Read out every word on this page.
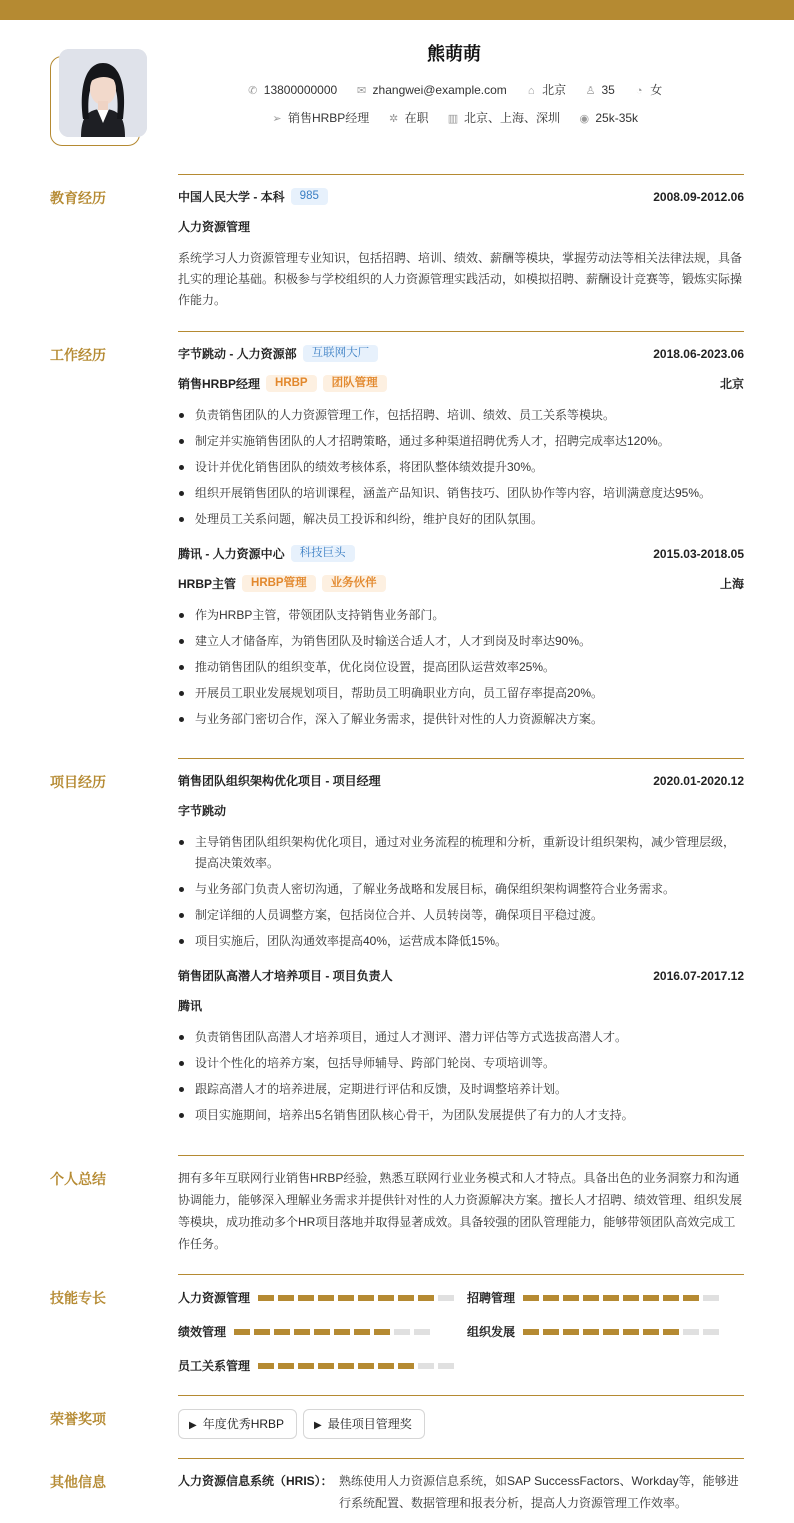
熊萌萌
✆ 13800000000 ✉ zhangwei@example.com ⌂ 北京 ♙ 35 ◔ 女
➢ 销售HRBP经理 ✲ 在职 ▥ 北京、上海、深圳 ◉ 25k-35k
教育经历	中国人民大学 - 本科 985	2008.09-2012.06
人力资源管理
系统学习人力资源管理专业知识，包括招聘、培训、绩效、薪酬等模块，掌握劳动法等相关法律法规，具备扎实的理论基础。积极参与学校组织的人力资源管理实践活动，如模拟招聘、薪酬设计竞赛等，锻炼实际操作能力。
工作经历	字节跳动 - 人力资源部 互联网大厂	2018.06-2023.06
销售HRBP经理 HRBP 团队管理	北京
负责销售团队的人力资源管理工作，包括招聘、培训、绩效、员工关系等模块。
制定并实施销售团队的人才招聘策略，通过多种渠道招聘优秀人才，招聘完成率达120%。
设计并优化销售团队的绩效考核体系，将团队整体绩效提升30%。
组织开展销售团队的培训课程，涵盖产品知识、销售技巧、团队协作等内容，培训满意度达95%。
处理员工关系问题，解决员工投诉和纠纷，维护良好的团队氛围。
腾讯 - 人力资源中心 科技巨头	2015.03-2018.05
HRBP主管 HRBP管理 业务伙伴	上海
作为HRBP主管，带领团队支持销售业务部门。
建立人才储备库，为销售团队及时输送合适人才，人才到岗及时率达90%。
推动销售团队的组织变革，优化岗位设置，提高团队运营效率25%。
开展员工职业发展规划项目，帮助员工明确职业方向，员工留存率提高20%。
与业务部门密切合作，深入了解业务需求，提供针对性的人力资源解决方案。
项目经历	销售团队组织架构优化项目 - 项目经理	2020.01-2020.12
字节跳动
主导销售团队组织架构优化项目，通过对业务流程的梳理和分析，重新设计组织架构，减少管理层级，提高决策效率。
与业务部门负责人密切沟通，了解业务战略和发展目标，确保组织架构调整符合业务需求。
制定详细的人员调整方案，包括岗位合并、人员转岗等，确保项目平稳过渡。
项目实施后，团队沟通效率提高40%，运营成本降低15%。
销售团队高潜人才培养项目 - 项目负责人	2016.07-2017.12
腾讯
负责销售团队高潜人才培养项目，通过人才测评、潜力评估等方式选拔高潜人才。
设计个性化的培养方案，包括导师辅导、跨部门轮岗、专项培训等。
跟踪高潜人才的培养进展，定期进行评估和反馈，及时调整培养计划。
项目实施期间，培养出5名销售团队核心骨干，为团队发展提供了有力的人才支持。
个人总结	拥有多年互联网行业销售HRBP经验，熟悉互联网行业业务模式和人才特点。具备出色的业务洞察力和沟通协调能力，能够深入理解业务需求并提供针对性的人力资源解决方案。擅长人才招聘、绩效管理、组织发展等模块，成功推动多个HR项目落地并取得显著成效。具备较强的团队管理能力，能够带领团队高效完成工作任务。
技能专长	人力资源管理	招聘管理
绩效管理	组织发展
员工关系管理
荣誉奖项	▶ 年度优秀HRBP	▶ 最佳项目管理奖
其他信息	人力资源信息系统（HRIS）： 熟练使用人力资源信息系统，如SAP SuccessFactors、Workday等，能够进行系统配置、数据管理和报表分析，提高人力资源管理工作效率。
